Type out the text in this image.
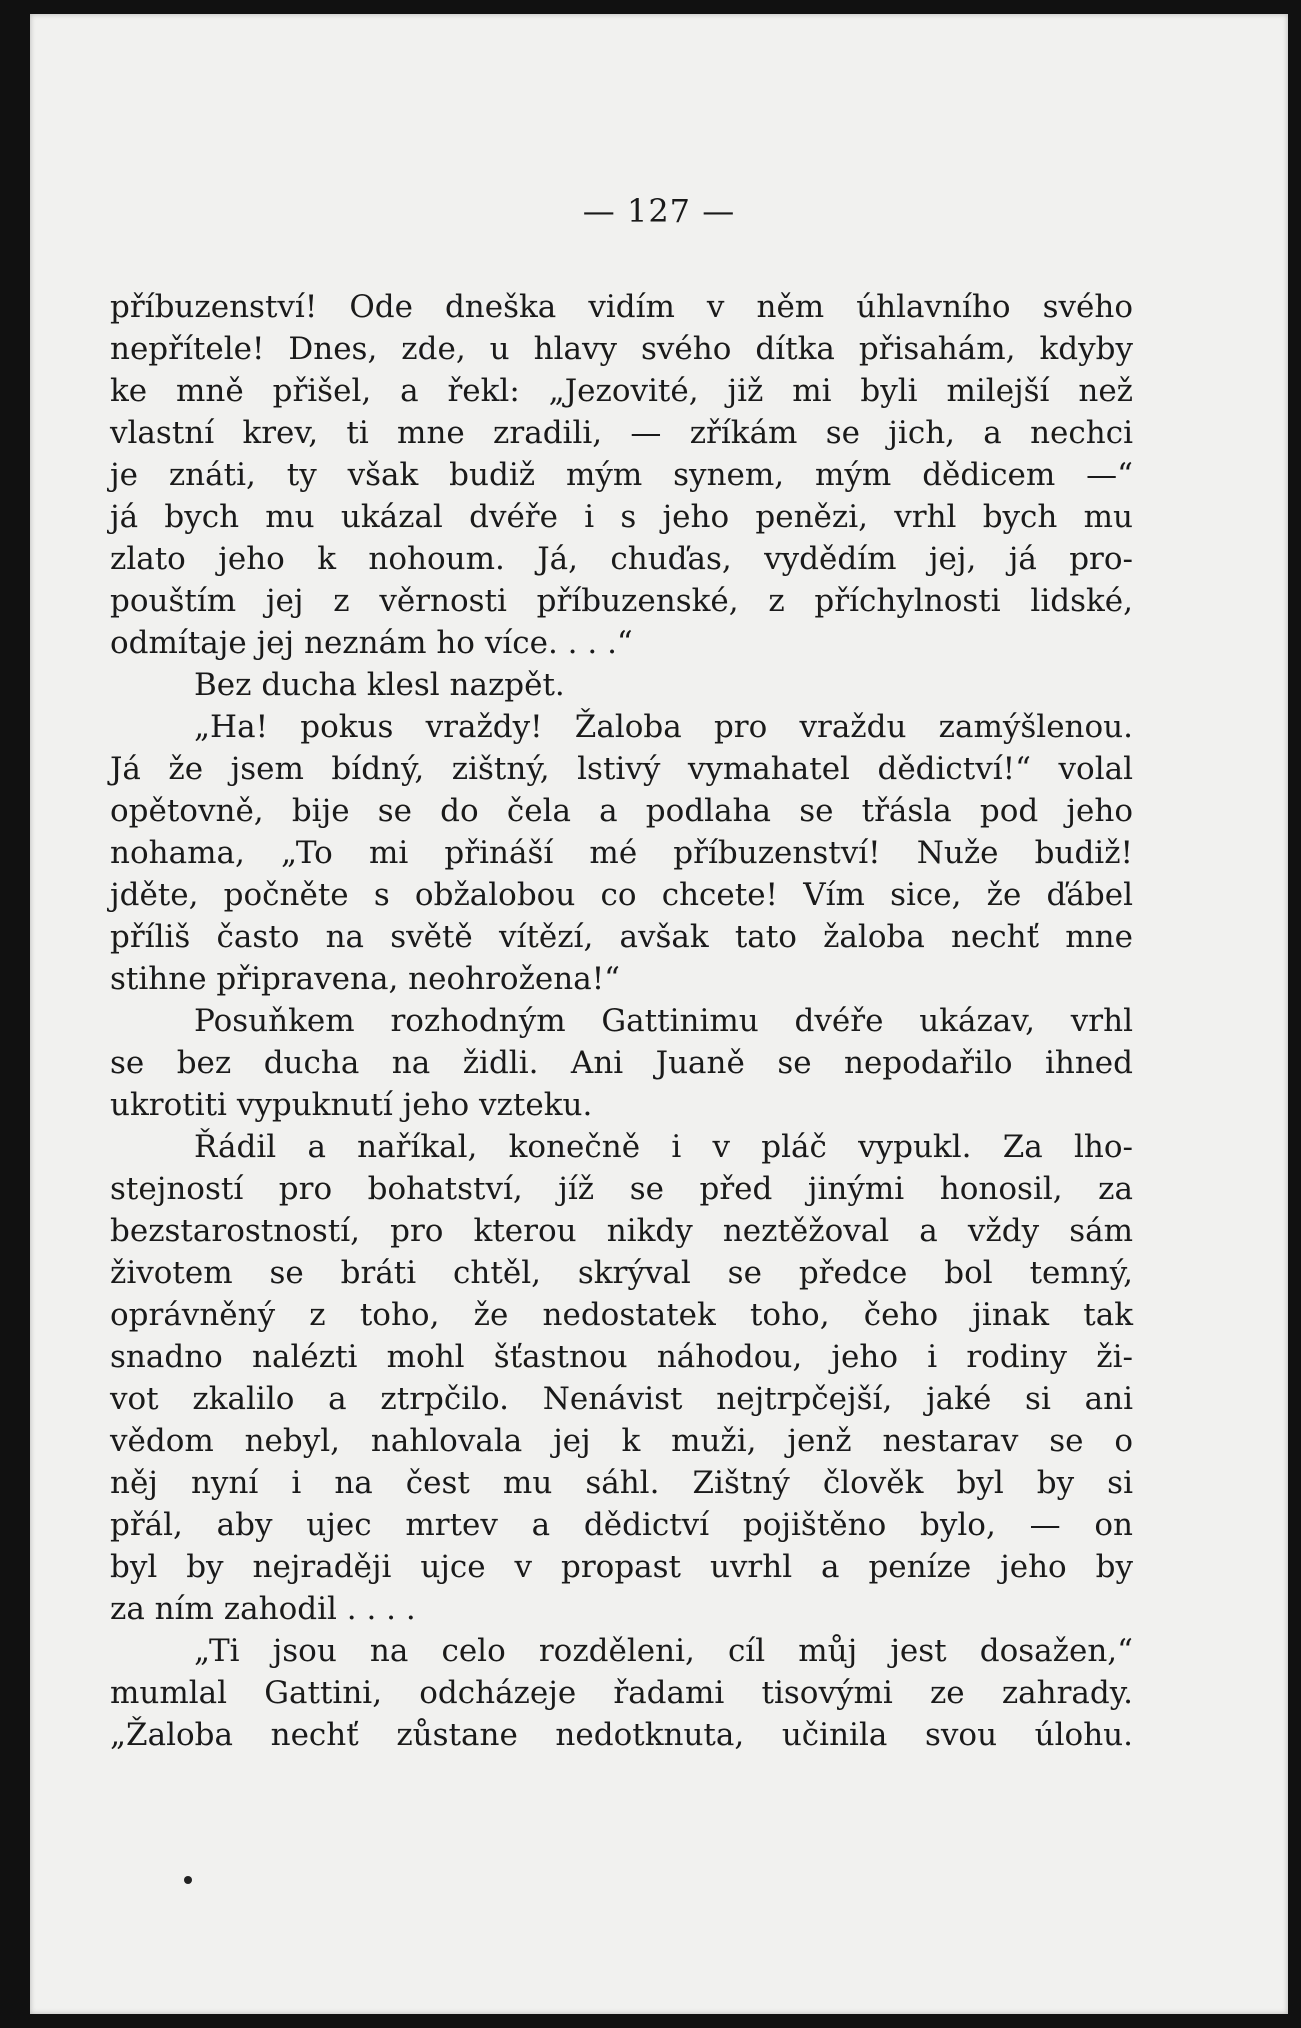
— 127 —
příbuzenství! Ode dneška vidím v něm úhlavního svého
nepřítele! Dnes, zde, u hlavy svého dítka přisahám, kdyby
ke mně přišel, a řekl: „Jezovité, již mi byli milejší než
vlastní krev, ti mne zradili, — zříkám se jich, a nechci
je znáti, ty však budiž mým synem, mým dědicem —“
já bych mu ukázal dvéře i s jeho penězi, vrhl bych mu
zlato jeho k nohoum. Já, chuďas, vydědím jej, já pro-
pouštím jej z věrnosti příbuzenské, z příchylnosti lidské,
odmítaje jej neznám ho více. . . .“
Bez ducha klesl nazpět.
„Ha! pokus vraždy! Žaloba pro vraždu zamýšlenou.
Já že jsem bídný, zištný, lstivý vymahatel dědictví!“ volal
opětovně, bije se do čela a podlaha se třásla pod jeho
nohama, „To mi přináší mé příbuzenství! Nuže budiž!
jděte, počněte s obžalobou co chcete! Vím sice, že ďábel
příliš často na světě vítězí, avšak tato žaloba nechť mne
stihne připravena, neohrožena!“
Posuňkem rozhodným Gattinimu dvéře ukázav, vrhl
se bez ducha na židli. Ani Juaně se nepodařilo ihned
ukrotiti vypuknutí jeho vzteku.
Řádil a naříkal, konečně i v pláč vypukl. Za lho-
stejností pro bohatství, jíž se před jinými honosil, za
bezstarostností, pro kterou nikdy neztěžoval a vždy sám
životem se bráti chtěl, skrýval se předce bol temný,
oprávněný z toho, že nedostatek toho, čeho jinak tak
snadno nalézti mohl šťastnou náhodou, jeho i rodiny ži-
vot zkalilo a ztrpčilo. Nenávist nejtrpčejší, jaké si ani
vědom nebyl, nahlovala jej k muži, jenž nestarav se o
něj nyní i na čest mu sáhl. Zištný člověk byl by si
přál, aby ujec mrtev a dědictví pojištěno bylo, — on
byl by nejraději ujce v propast uvrhl a peníze jeho by
za ním zahodil . . . .
„Ti jsou na celo rozděleni, cíl můj jest dosažen,“
mumlal Gattini, odcházeje řadami tisovými ze zahrady.
„Žaloba nechť zůstane nedotknuta, učinila svou úlohu.
